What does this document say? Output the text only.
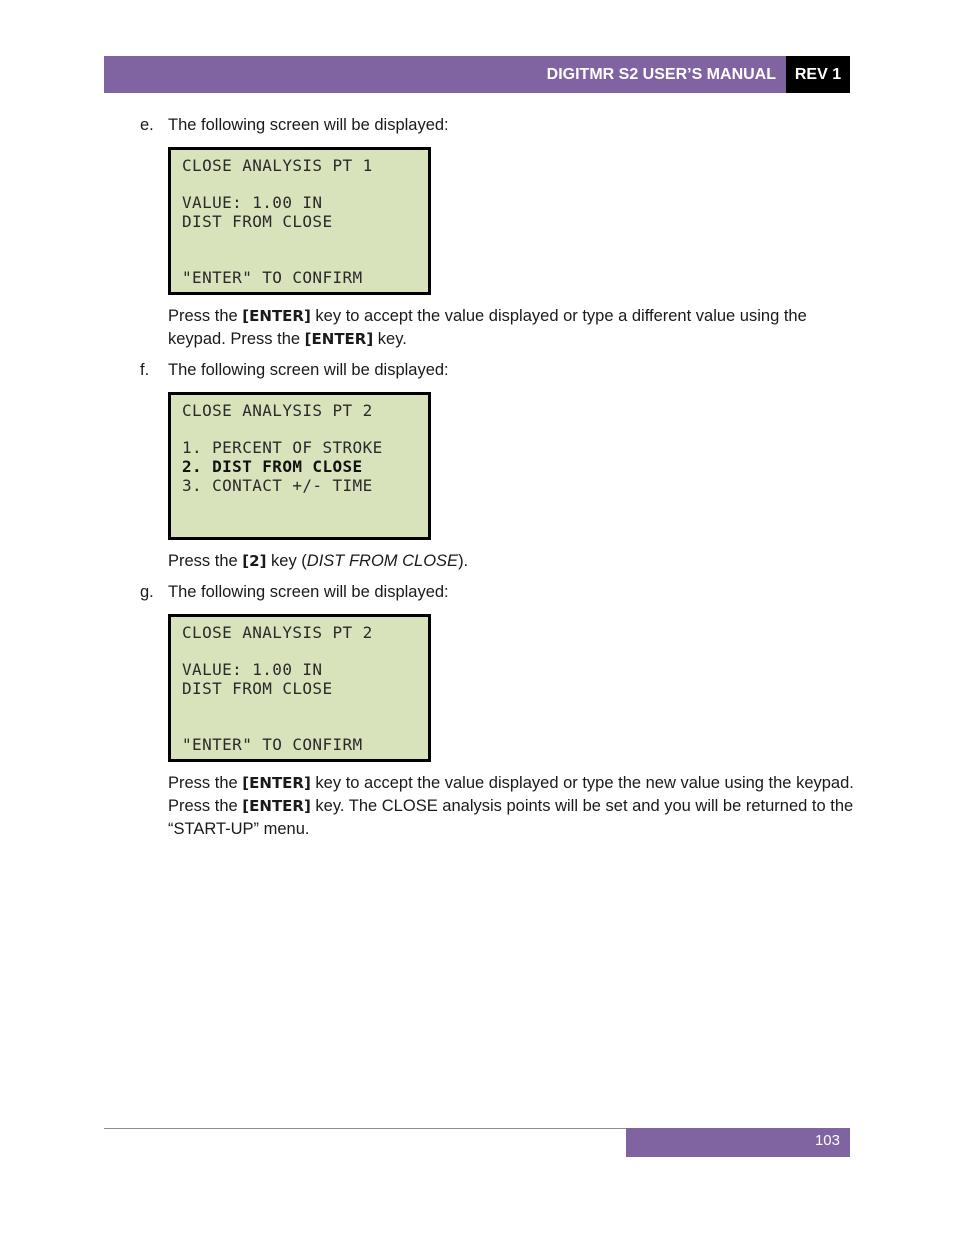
DIGITMR S2 USER’S MANUAL	REV 1
e. The following screen will be displayed:
CLOSE ANALYSIS PT 1
VALUE: 1.00 IN
DIST FROM CLOSE
"ENTER" TO CONFIRM
Press the [ENTER] key to accept the value displayed or type a different value using the keypad. Press the [ENTER] key.
f. The following screen will be displayed:
CLOSE ANALYSIS PT 2
1. PERCENT OF STROKE
2. DIST FROM CLOSE
3. CONTACT +/- TIME
Press the [2] key (DIST FROM CLOSE).
g. The following screen will be displayed:
CLOSE ANALYSIS PT 2
VALUE: 1.00 IN
DIST FROM CLOSE
"ENTER" TO CONFIRM
Press the [ENTER] key to accept the value displayed or type the new value using the keypad. Press the [ENTER] key. The CLOSE analysis points will be set and you will be returned to the “START-UP” menu.
103
